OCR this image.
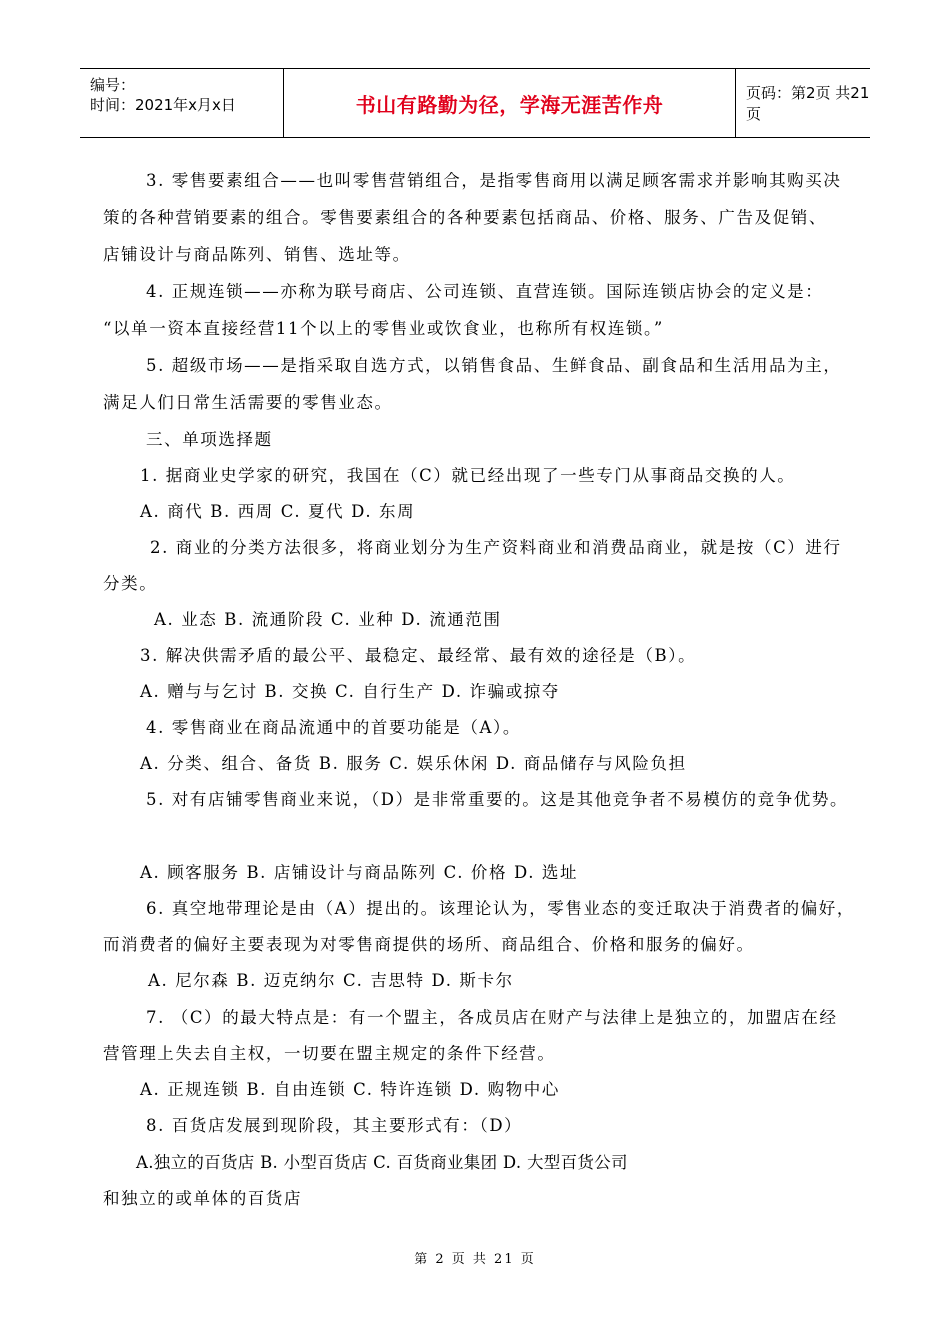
编号：
时间：2021年x月x日	书山有路勤为径，学海无涯苦作舟	页码：第2页 共21页
3. 零售要素组合——也叫零售营销组合，是指零售商用以满足顾客需求并影响其购买决
策的各种营销要素的组合。零售要素组合的各种要素包括商品、价格、服务、广告及促销、
店铺设计与商品陈列、销售、选址等。
4. 正规连锁——亦称为联号商店、公司连锁、直营连锁。国际连锁店协会的定义是：
“以单一资本直接经营11个以上的零售业或饮食业，也称所有权连锁。”
5. 超级市场——是指采取自选方式，以销售食品、生鲜食品、副食品和生活用品为主，
满足人们日常生活需要的零售业态。
三、单项选择题
1. 据商业史学家的研究，我国在（C）就已经出现了一些专门从事商品交换的人。
A. 商代 B. 西周 C. 夏代 D. 东周
2. 商业的分类方法很多，将商业划分为生产资料商业和消费品商业，就是按（C）进行
分类。
A. 业态 B. 流通阶段 C. 业种 D. 流通范围
3. 解决供需矛盾的最公平、最稳定、最经常、最有效的途径是（B）。
A. 赠与与乞讨 B. 交换 C. 自行生产 D. 诈骗或掠夺
4. 零售商业在商品流通中的首要功能是（A）。
A. 分类、组合、备货 B. 服务 C. 娱乐休闲 D. 商品储存与风险负担
5. 对有店铺零售商业来说，（D）是非常重要的。这是其他竞争者不易模仿的竞争优势。
A. 顾客服务 B. 店铺设计与商品陈列 C. 价格 D. 选址
6. 真空地带理论是由（A）提出的。该理论认为，零售业态的变迁取决于消费者的偏好，
而消费者的偏好主要表现为对零售商提供的场所、商品组合、价格和服务的偏好。
A. 尼尔森 B. 迈克纳尔 C. 吉思特 D. 斯卡尔
7. （C）的最大特点是：有一个盟主，各成员店在财产与法律上是独立的，加盟店在经
营管理上失去自主权，一切要在盟主规定的条件下经营。
A. 正规连锁 B. 自由连锁 C. 特许连锁 D. 购物中心
8. 百货店发展到现阶段，其主要形式有：（D）
A.独立的百货店 B. 小型百货店 C. 百货商业集团 D. 大型百货公司
和独立的或单体的百货店
第 2 页 共 21 页
